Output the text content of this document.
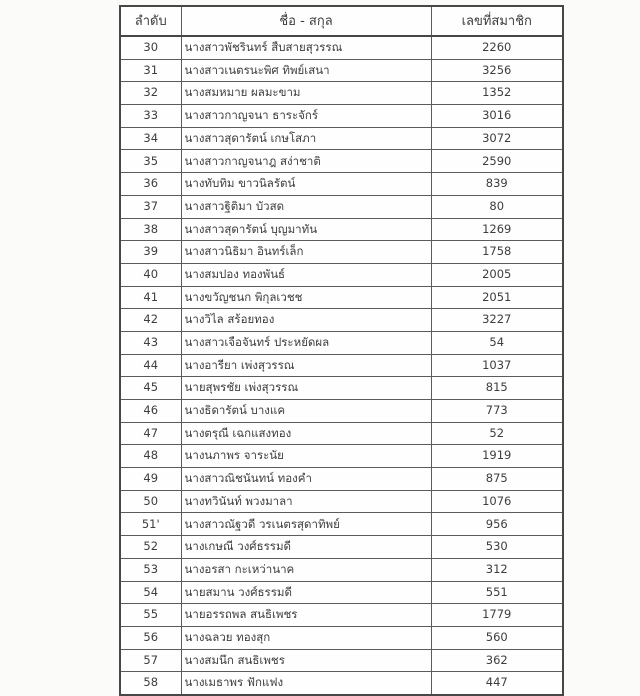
ลำดับ	ชื่อ - สกุล	เลขที่สมาชิก
30	นางสาวพัชรินทร์ สืบสายสุวรรณ	2260
31	นางสาวเนตรนะพิศ ทิพย์เสนา	3256
32	นางสมหมาย ผลมะขาม	1352
33	นางสาวกาญจนา ธาระจักร์	3016
34	นางสาวสุดารัตน์ เกษโสภา	3072
35	นางสาวกาญจนาฎ สง่าชาติ	2590
36	นางทับทิม ขาวนิลรัตน์	839
37	นางสาวฐิติมา บัวสด	80
38	นางสาวสุดารัตน์ บุญมาทัน	1269
39	นางสาวนิธิมา อินทร์เล็ก	1758
40	นางสมปอง ทองพันธ์	2005
41	นางขวัญชนก พิกุลเวชช	2051
42	นางวิไล สร้อยทอง	3227
43	นางสาวเจือจันทร์ ประหยัดผล	54
44	นางอารียา เพ่งสุวรรณ	1037
45	นายสุพรชัย เพ่งสุวรรณ	815
46	นางธิดารัตน์ บางแค	773
47	นางตรุณี เฉกแสงทอง	52
48	นางนภาพร จาระนัย	1919
49	นางสาวณิชนันทน์ ทองคำ	875
50	นางทวินันท์ พวงมาลา	1076
51'	นางสาวณัฐวดี วรเนตรสุดาทิพย์	956
52	นางเกษณี วงศ์ธรรมดี	530
53	นางอรสา กะเหว่านาค	312
54	นายสมาน วงศ์ธรรมดี	551
55	นายอรรถพล สนธิเพชร	1779
56	นางฉลวย ทองสุก	560
57	นางสมนึก สนธิเพชร	362
58	นางเมธาพร ฟักแฟง	447
